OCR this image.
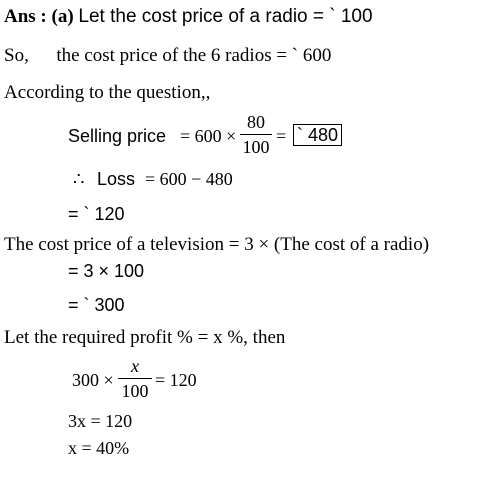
Ans : (a) Let the cost price of a radio = ` 100
So, the cost price of the 6 radios = ` 600
According to the question,,
Selling price = 600 ×
80
100
= ` 480
∴ Loss = 600 − 480
= ` 120
The cost price of a television = 3 × (The cost of a radio)
= 3 × 100
= ` 300
Let the required profit % = x %, then
300 ×
x
100
= 120
3x = 120
x = 40%
